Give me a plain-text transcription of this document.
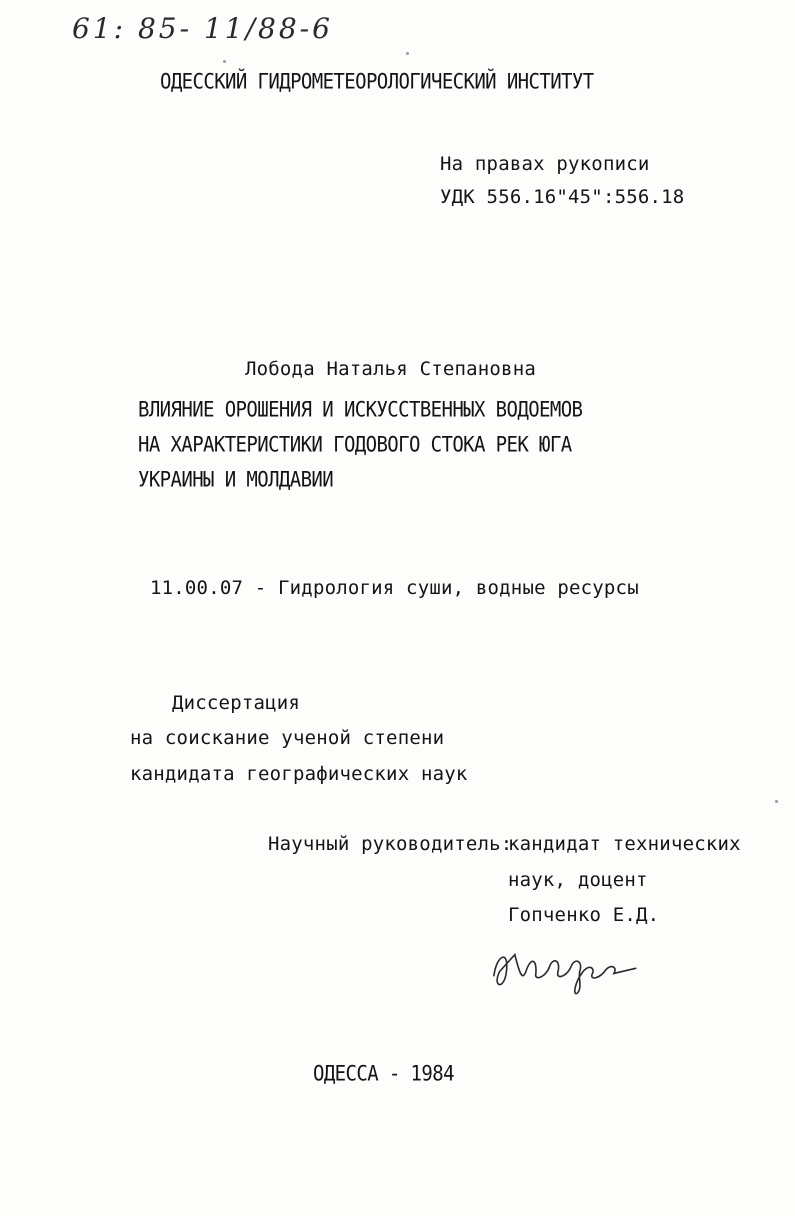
61: 85- 11/88-6
ОДЕССКИЙ ГИДРОМЕТЕОРОЛОГИЧЕСКИЙ ИНСТИТУТ
На правах рукописи
УДК 556.16"45":556.18
Лобода Наталья Степановна
ВЛИЯНИЕ ОРОШЕНИЯ И ИСКУССТВЕННЫХ ВОДОЕМОВ
НА ХАРАКТЕРИСТИКИ ГОДОВОГО СТОКА РЕК ЮГА
УКРАИНЫ И МОЛДАВИИ
11.00.07 - Гидрология суши, водные ресурсы
Диссертация
на соискание ученой степени
кандидата географических наук
Научный руководитель:
кандидат технических
наук, доцент
Гопченко Е.Д.
ОДЕССА - 1984
